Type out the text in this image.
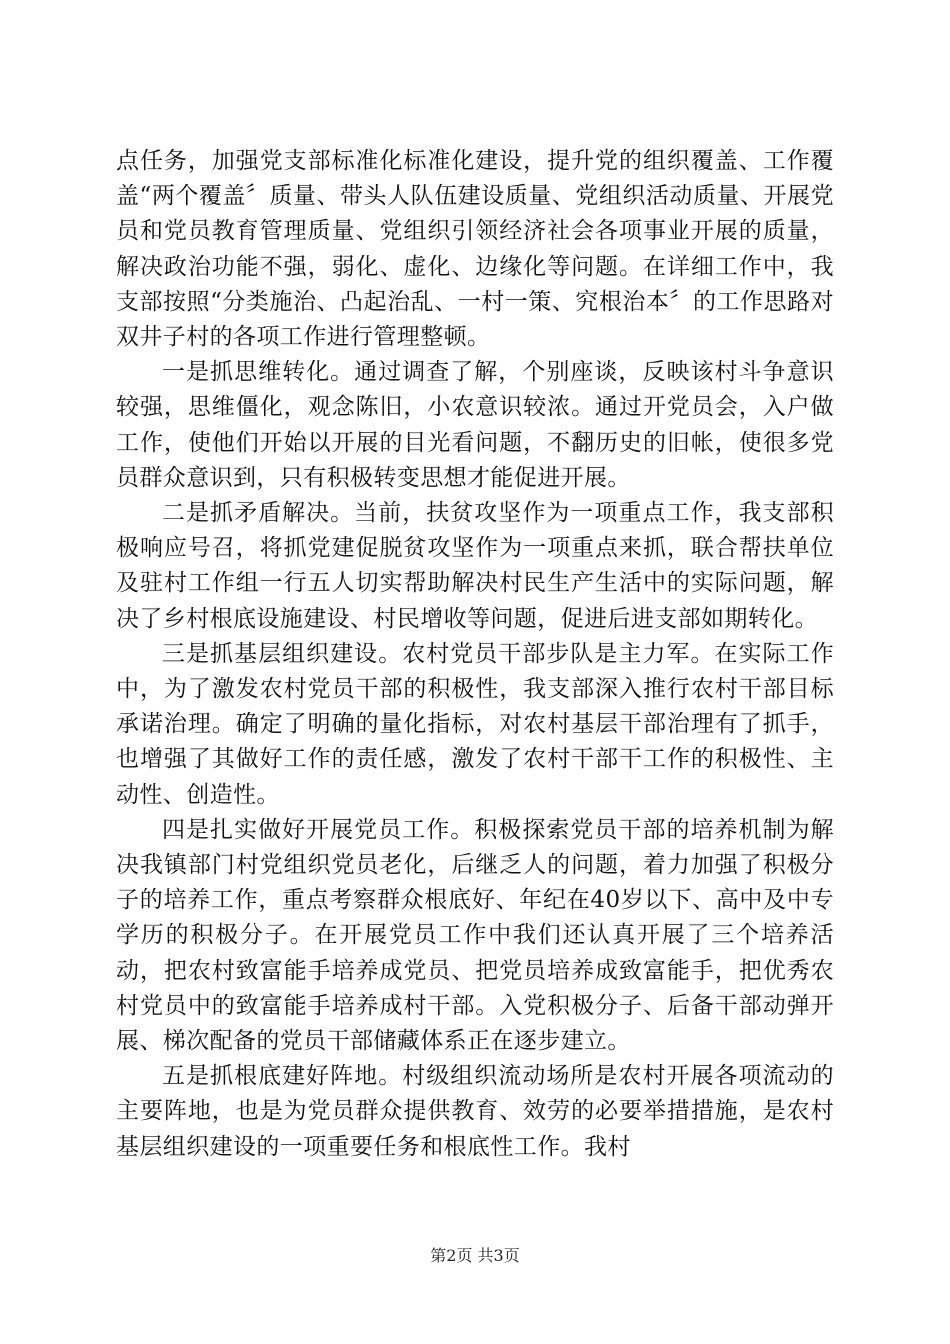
点任务，加强党支部标准化标准化建设，提升党的组织覆盖、工作覆盖“两个覆盖〞质量、带头人队伍建设质量、党组织活动质量、开展党员和党员教育管理质量、党组织引领经济社会各项事业开展的质量，解决政治功能不强，弱化、虚化、边缘化等问题。在详细工作中，我支部按照“分类施治、凸起治乱、一村一策、究根治本〞的工作思路对双井子村的各项工作进行管理整顿。

一是抓思维转化。通过调查了解，个别座谈，反映该村斗争意识较强，思维僵化，观念陈旧，小农意识较浓。通过开党员会，入户做工作，使他们开始以开展的目光看问题，不翻历史的旧帐，使很多党员群众意识到，只有积极转变思想才能促进开展。

二是抓矛盾解决。当前，扶贫攻坚作为一项重点工作，我支部积极响应号召，将抓党建促脱贫攻坚作为一项重点来抓，联合帮扶单位及驻村工作组一行五人切实帮助解决村民生产生活中的实际问题，解决了乡村根底设施建设、村民增收等问题，促进后进支部如期转化。

三是抓基层组织建设。农村党员干部步队是主力军。在实际工作中，为了激发农村党员干部的积极性，我支部深入推行农村干部目标承诺治理。确定了明确的量化指标，对农村基层干部治理有了抓手，也增强了其做好工作的责任感，激发了农村干部干工作的积极性、主动性、创造性。

四是扎实做好开展党员工作。积极探索党员干部的培养机制为解决我镇部门村党组织党员老化，后继乏人的问题，着力加强了积极分子的培养工作，重点考察群众根底好、年纪在40岁以下、高中及中专学历的积极分子。在开展党员工作中我们还认真开展了三个培养活动，把农村致富能手培养成党员、把党员培养成致富能手，把优秀农村党员中的致富能手培养成村干部。入党积极分子、后备干部动弹开展、梯次配备的党员干部储藏体系正在逐步建立。

五是抓根底建好阵地。村级组织流动场所是农村开展各项流动的主要阵地，也是为党员群众提供教育、效劳的必要举措措施，是农村基层组织建设的一项重要任务和根底性工作。我村

第2页 共3页
